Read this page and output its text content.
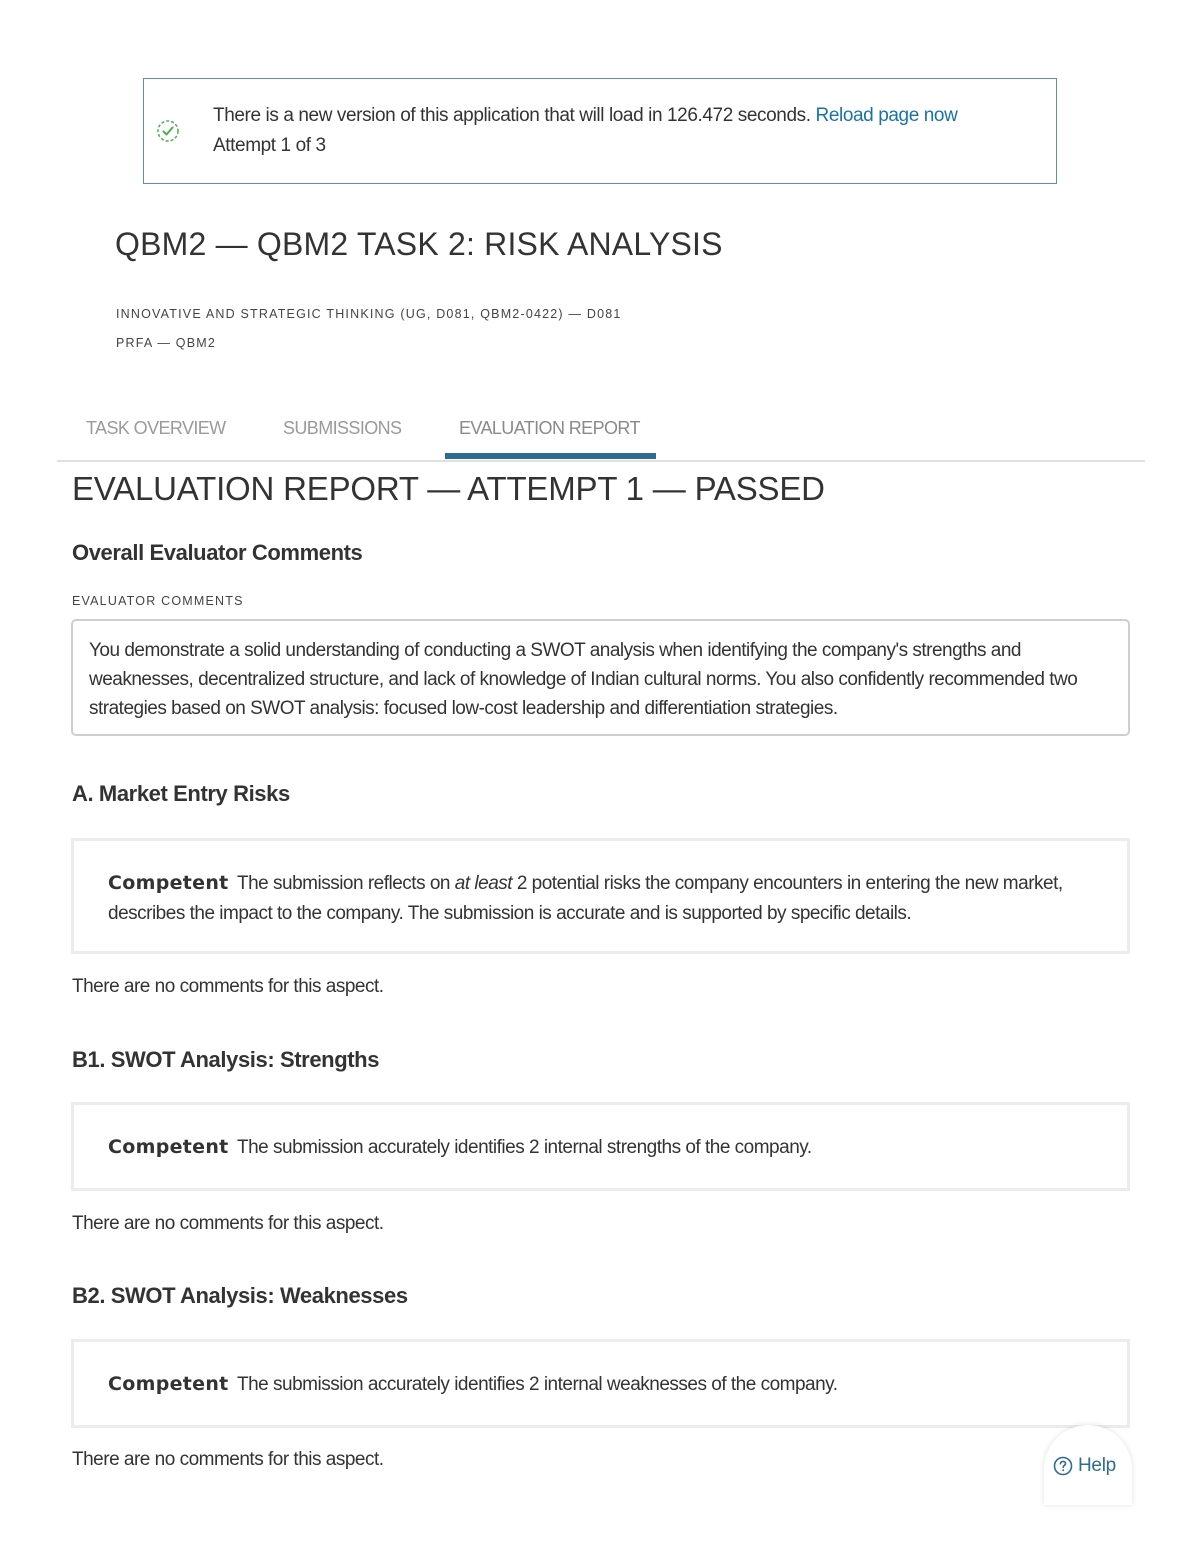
There is a new version of this application that will load in 126.472 seconds. Reload page now
Attempt 1 of 3
QBM2 — QBM2 TASK 2: RISK ANALYSIS
INNOVATIVE AND STRATEGIC THINKING (UG, D081, QBM2-0422) — D081
PRFA — QBM2
TASK OVERVIEW	SUBMISSIONS	EVALUATION REPORT
EVALUATION REPORT — ATTEMPT 1 — PASSED
Overall Evaluator Comments
EVALUATOR COMMENTS
You demonstrate a solid understanding of conducting a SWOT analysis when identifying the company's strengths and weaknesses, decentralized structure, and lack of knowledge of Indian cultural norms. You also confidently recommended two strategies based on SWOT analysis: focused low-cost leadership and differentiation strategies.
A. Market Entry Risks
Competent The submission reflects on at least 2 potential risks the company encounters in entering the new market, describes the impact to the company. The submission is accurate and is supported by specific details.
There are no comments for this aspect.
B1. SWOT Analysis: Strengths
Competent The submission accurately identifies 2 internal strengths of the company.
There are no comments for this aspect.
B2. SWOT Analysis: Weaknesses
Competent The submission accurately identifies 2 internal weaknesses of the company.
There are no comments for this aspect.	Help
